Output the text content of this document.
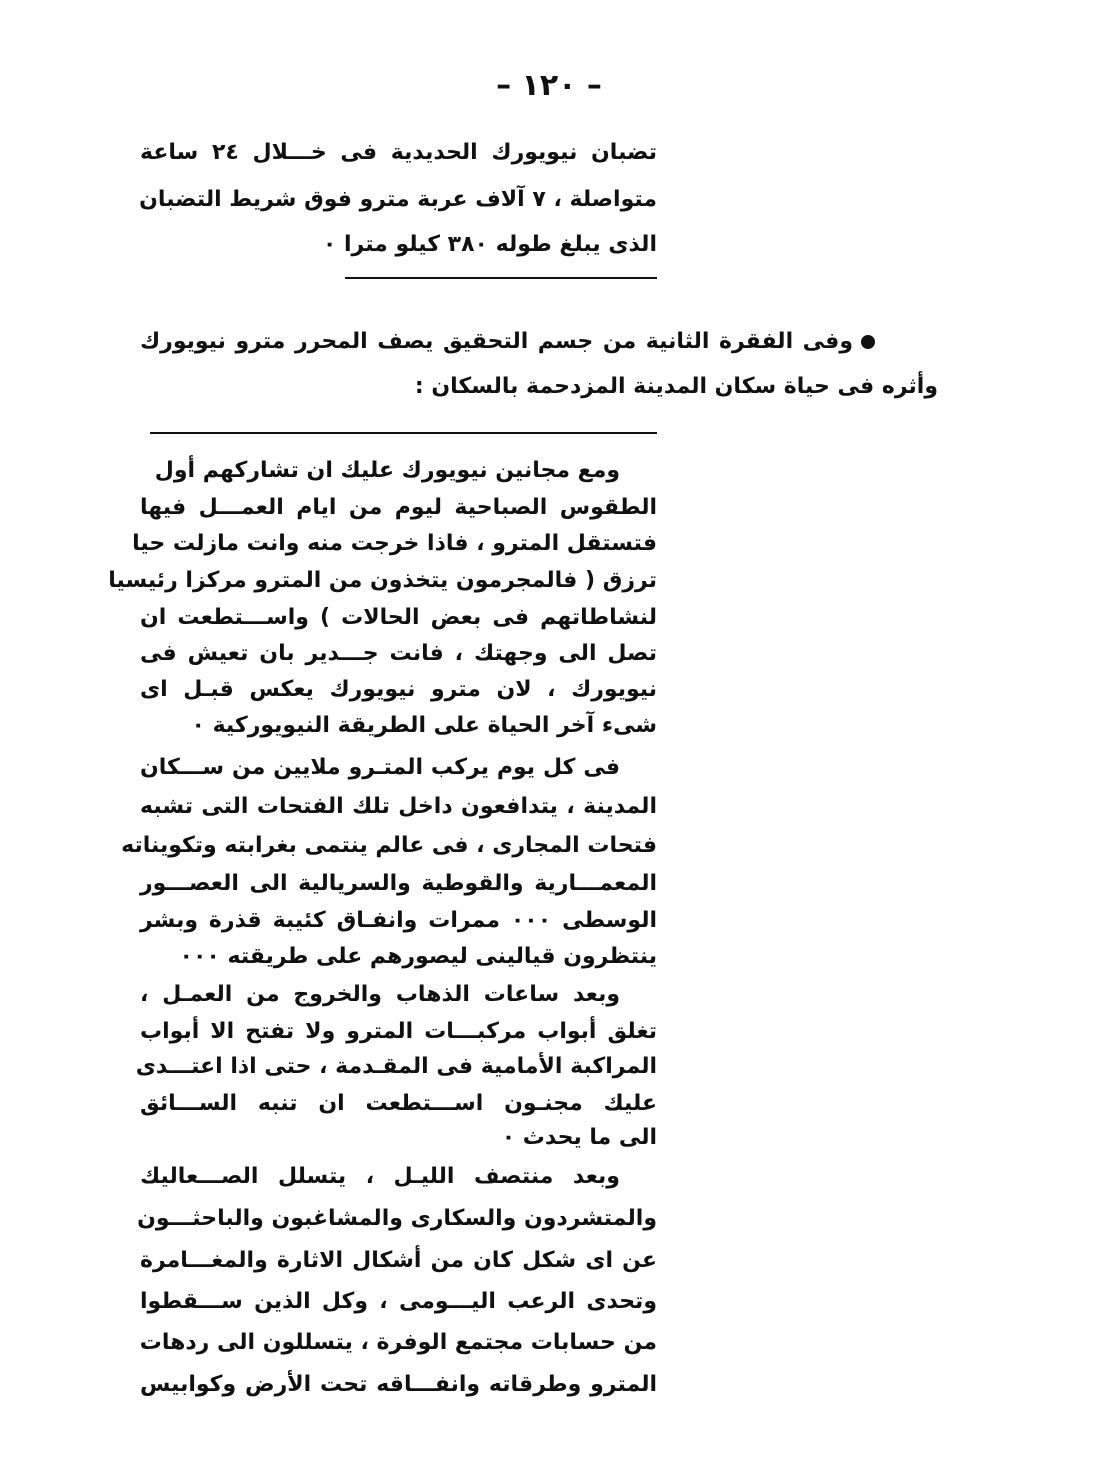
– ١٢٠ –
تضبان نيويورك الحديدية فى خـــلال ٢٤ ساعة
متواصلة ، ٧ آلاف عربة مترو فوق شريط التضبان
الذى يبلغ طوله ٣٨٠ كيلو مترا ٠
وفى الفقرة الثانية من جسم التحقيق يصف المحرر مترو نيويورك
وأثره فى حياة سكان المدينة المزدحمة بالسكان :
ومع مجانين نيويورك عليك ان تشاركهم أول
الطقوس الصباحية ليوم من ايام العمـــل فيها
فتستقل المترو ، فاذا خرجت منه وانت مازلت حيا
ترزق ( فالمجرمون يتخذون من المترو مركزا رئيسيا
لنشاطاتهم فى بعض الحالات ) واســـتطعت ان
تصل الى وجهتك ، فانت جـــدير بان تعيش فى
نيويورك ، لان مترو نيويورك يعكس قبـل اى
شىء آخر الحياة على الطريقة النيويوركية ٠
فى كل يوم يركب المتـرو ملايين من ســـكان
المدينة ، يتدافعون داخل تلك الفتحات التى تشبه
فتحات المجارى ، فى عالم ينتمى بغرابته وتكويناته
المعمـــارية والقوطية والسريالية الى العصـــور
الوسطى ٠٠٠ ممرات وانفـاق كئيبة قذرة وبشر
ينتظرون قيالينى ليصورهم على طريقته ٠٠٠
وبعد ساعات الذهاب والخروج من العمـل ،
تغلق أبواب مركبـــات المترو ولا تفتح الا أبواب
المراكبة الأمامية فى المقـدمة ، حتى اذا اعتـــدى
عليك مجنـون اســـتطعت ان تنبه الســـائق
الى ما يحدث ٠
وبعد منتصف الليـل ، يتسلل الصـــعاليك
والمتشردون والسكارى والمشاغبون والباحثـــون
عن اى شكل كان من أشكال الاثارة والمغـــامرة
وتحدى الرعب اليـــومى ، وكل الذين ســـقطوا
من حسابات مجتمع الوفرة ، يتسللون الى ردهات
المترو وطرقاته وانفـــاقه تحت الأرض وكوابيس
